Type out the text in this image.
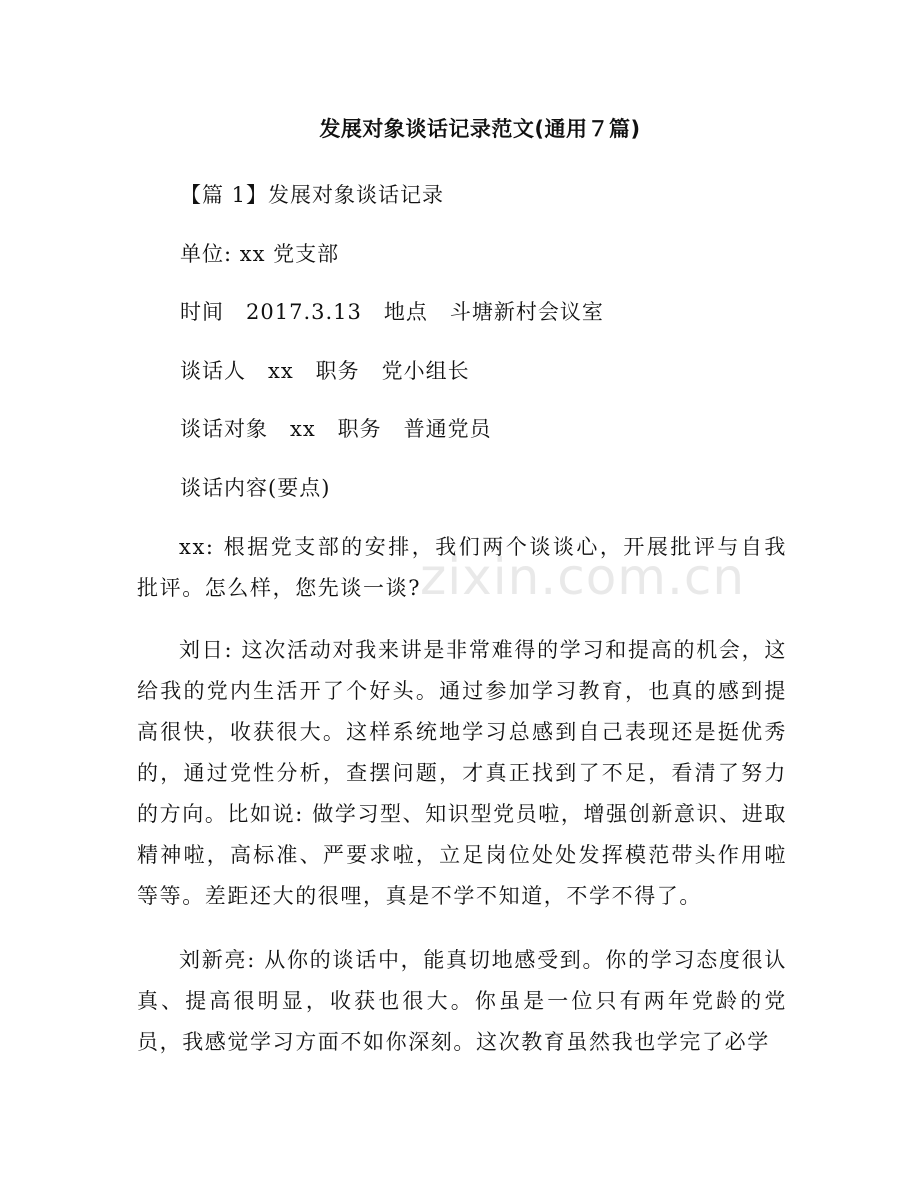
发展对象谈话记录范文(通用７篇)
【篇 1】发展对象谈话记录
单位: xx 党支部
时间　2017.3.13　地点　斗塘新村会议室
谈话人　xx　职务　党小组长
谈话对象　xx　职务　普通党员
谈话内容(要点)

xx: 根据党支部的安排，我们两个谈谈心，开展批评与自我批评。怎么样，您先谈一谈?

刘日: 这次活动对我来讲是非常难得的学习和提高的机会，这给我的党内生活开了个好头。通过参加学习教育，也真的感到提高很快，收获很大。这样系统地学习总感到自己表现还是挺优秀的，通过党性分析，查摆问题，才真正找到了不足，看清了努力的方向。比如说: 做学习型、知识型党员啦，增强创新意识、进取精神啦，高标准、严要求啦，立足岗位处处发挥模范带头作用啦等等。差距还大的很哩，真是不学不知道，不学不得了。

刘新亮: 从你的谈话中，能真切地感受到。你的学习态度很认真、提高很明显，收获也很大。你虽是一位只有两年党龄的党员，我感觉学习方面不如你深刻。这次教育虽然我也学完了必学

zixin.com.cn
